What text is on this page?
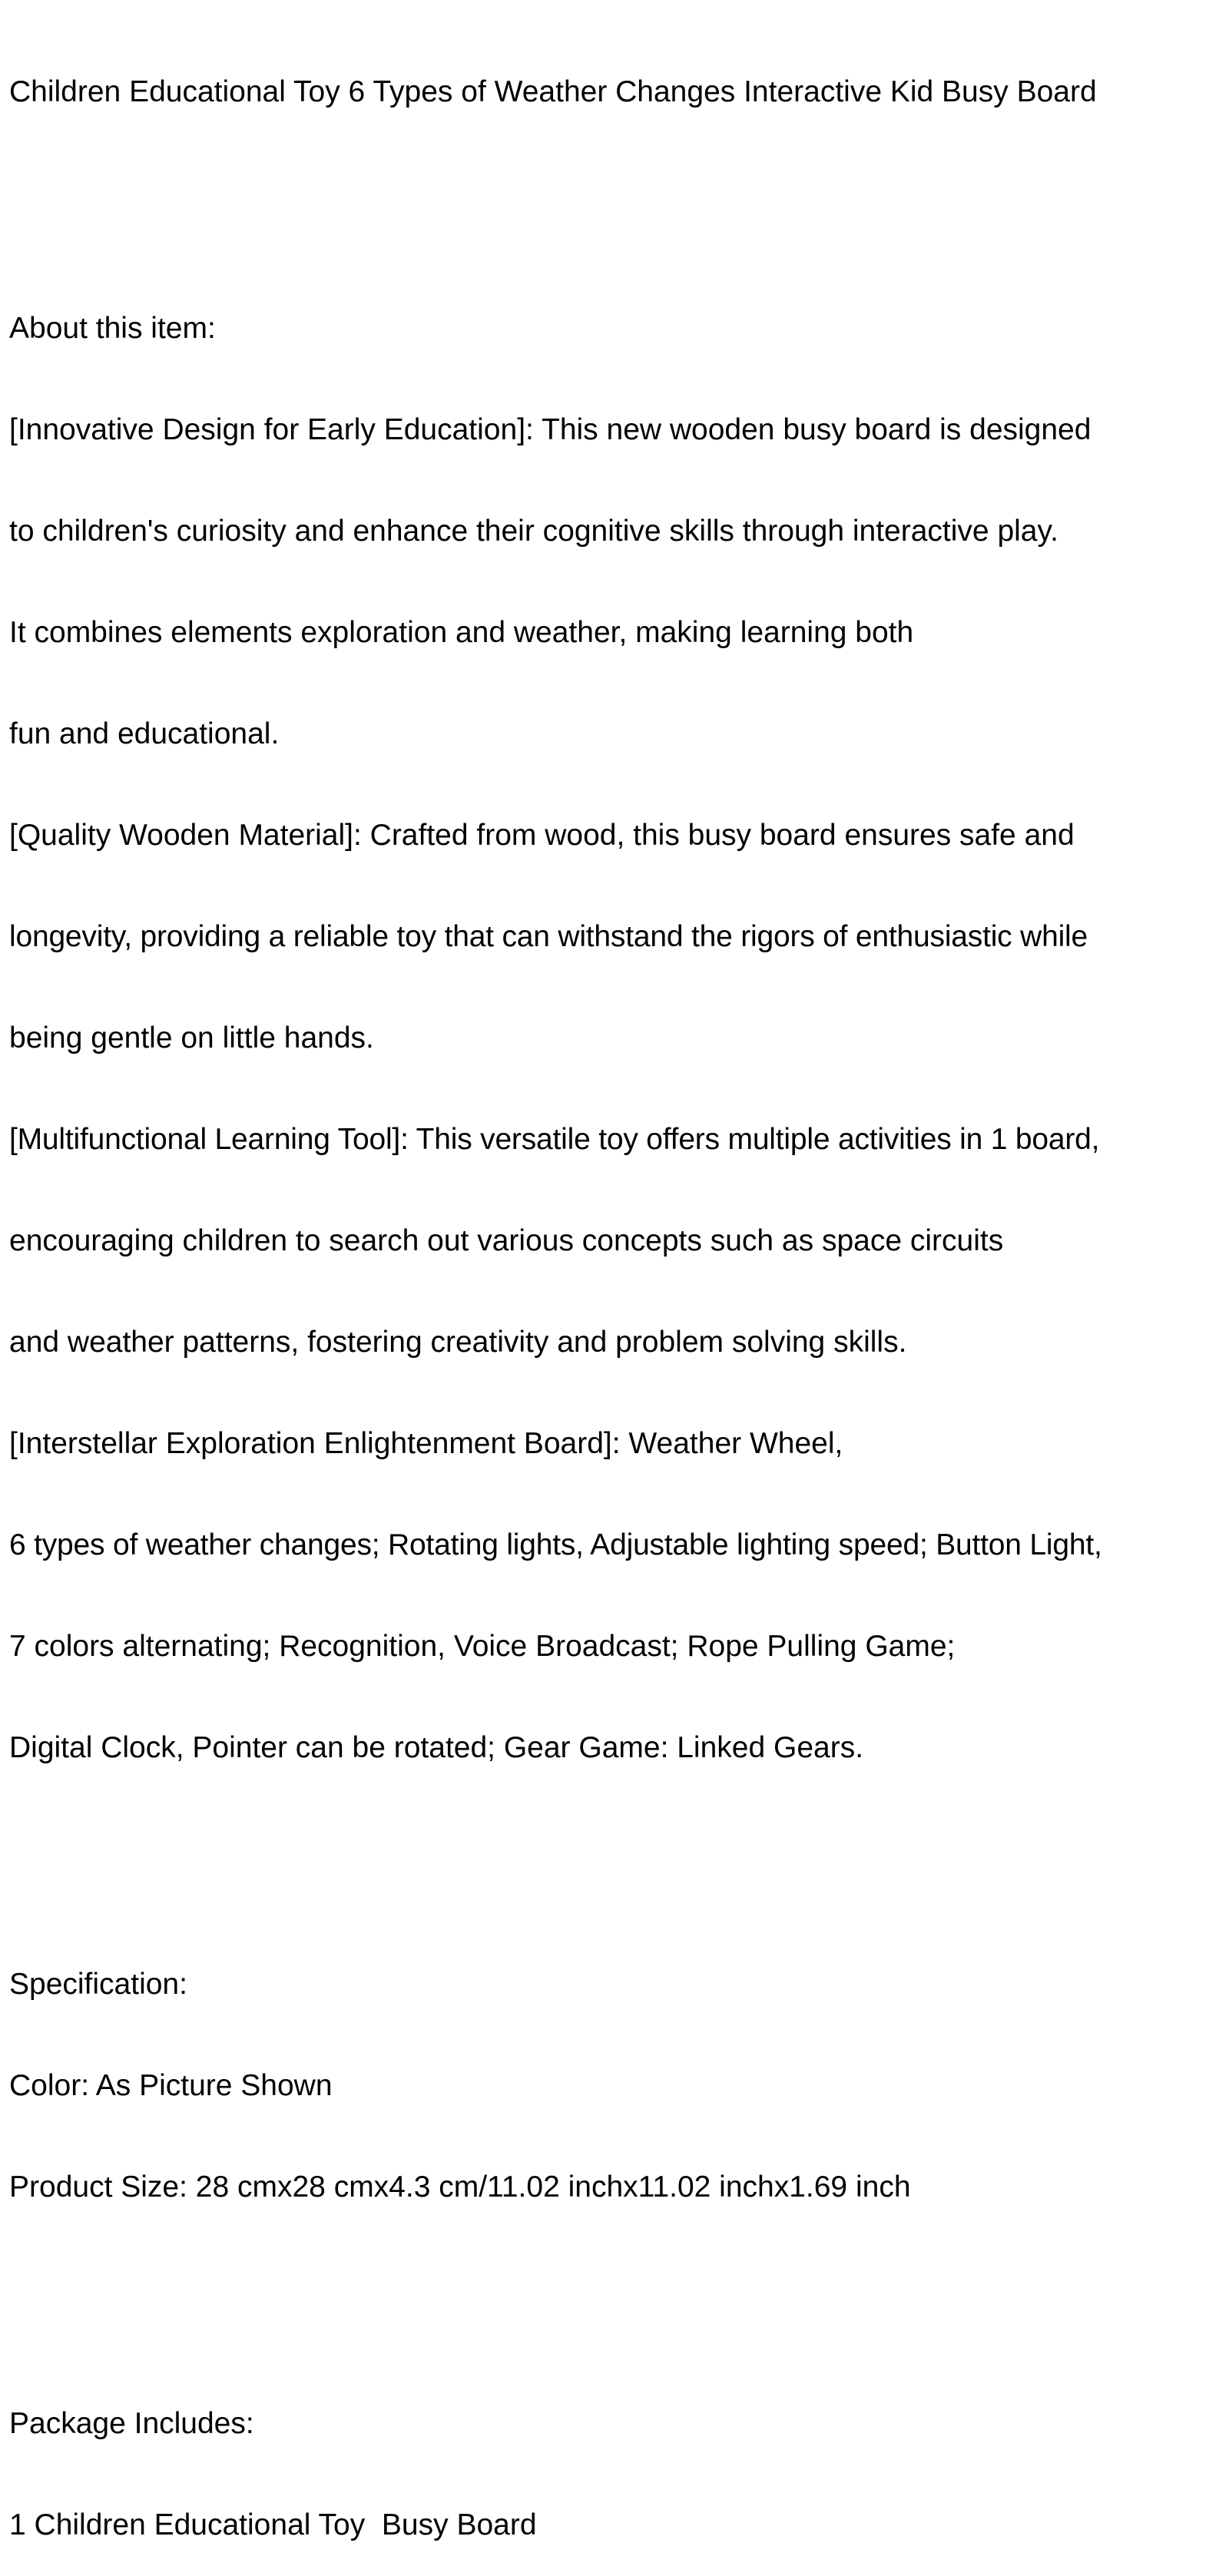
Children Educational Toy 6 Types of Weather Changes Interactive Kid Busy Board

About this item:

[Innovative Design for Early Education]: This new wooden busy board is designed

to children's curiosity and enhance their cognitive skills through interactive play.

It combines elements exploration and weather, making learning both

fun and educational.

[Quality Wooden Material]: Crafted from wood, this busy board ensures safe and

longevity, providing a reliable toy that can withstand the rigors of enthusiastic while

being gentle on little hands.

[Multifunctional Learning Tool]: This versatile toy offers multiple activities in 1 board,

encouraging children to search out various concepts such as space circuits

and weather patterns, fostering creativity and problem solving skills.

[Interstellar Exploration Enlightenment Board]: Weather Wheel,

6 types of weather changes; Rotating lights, Adjustable lighting speed; Button Light,

7 colors alternating; Recognition, Voice Broadcast; Rope Pulling Game;

Digital Clock, Pointer can be rotated; Gear Game: Linked Gears.

Specification:

Color: As Picture Shown

Product Size: 28 cmx28 cmx4.3 cm/11.02 inchx11.02 inchx1.69 inch

Package Includes:

1 Children Educational Toy  Busy Board
